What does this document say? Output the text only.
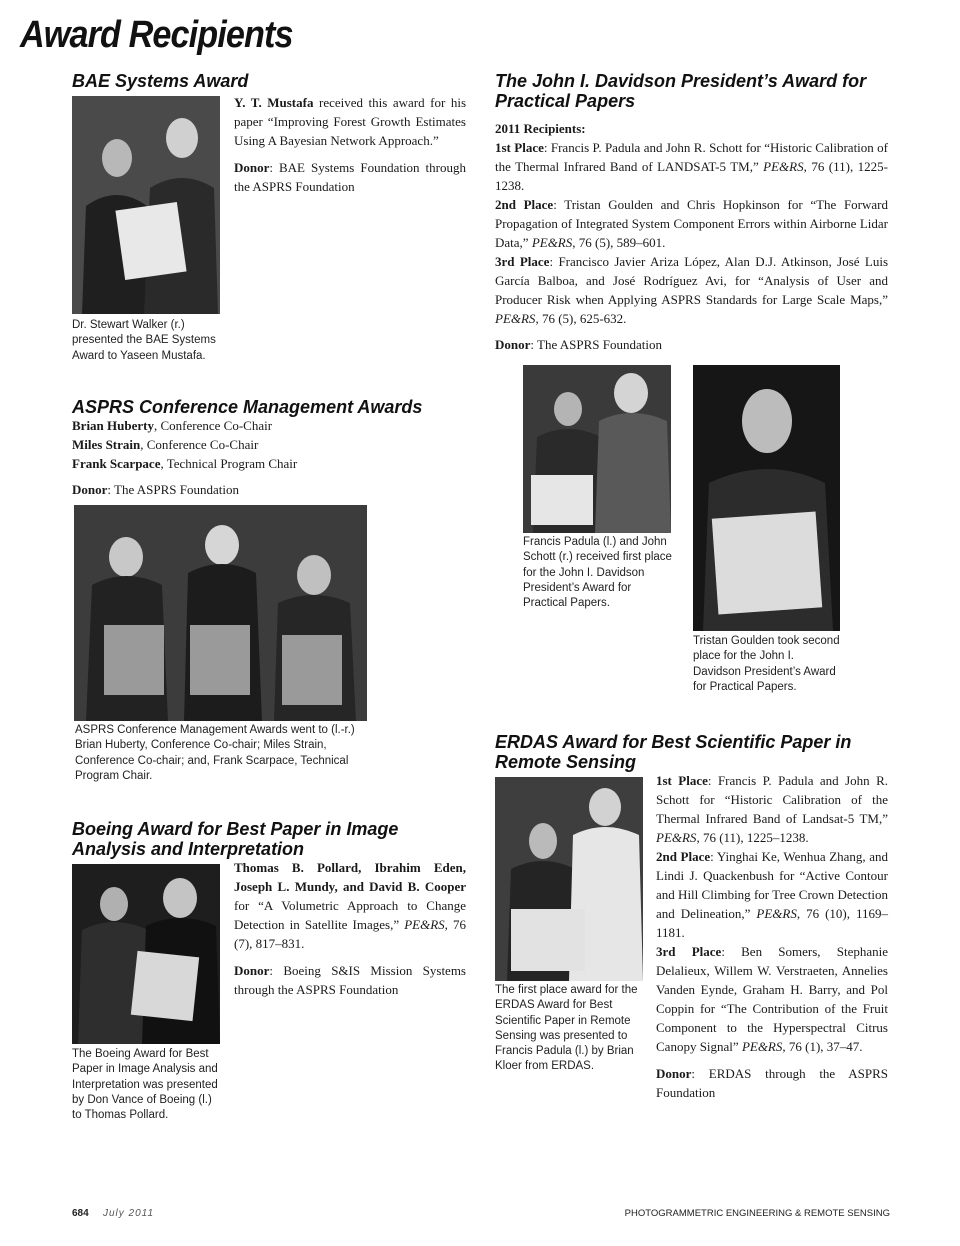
Award Recipients
BAE Systems Award
Dr. Stewart Walker (r.) presented the BAE Systems Award to Yaseen Mustafa.

Y. T. Mustafa received this award for his paper “Improving Forest Growth Estimates Using A Bayesian Network Approach.”

Donor: BAE Systems Foundation through the ASPRS Foundation

ASPRS Conference Management Awards

Brian Huberty, Conference Co-Chair

Miles Strain, Conference Co-Chair

Frank Scarpace, Technical Program Chair

Donor: The ASPRS Foundation

ASPRS Conference Management Awards went to (l.-r.) Brian Huberty, Conference Co-chair; Miles Strain, Conference Co-chair; and, Frank Scarpace, Technical Program Chair.
Boeing Award for Best Paper in Image Analysis and Interpretation
The Boeing Award for Best Paper in Image Analysis and Interpretation was presented by Don Vance of Boeing (l.) to Thomas Pollard.

Thomas B. Pollard, Ibrahim Eden, Joseph L. Mundy, and David B. Cooper for “A Volumetric Approach to Change Detection in Satellite Images,” PE&RS, 76 (7), 817–831.

Donor: Boeing S&IS Mission Systems through the ASPRS Foundation

The John I. Davidson President’s Award for Practical Papers

2011 Recipients:

1st Place: Francis P. Padula and John R. Schott for “Historic Calibration of the Thermal Infrared Band of LANDSAT-5 TM,” PE&RS, 76 (11), 1225-1238.

2nd Place: Tristan Goulden and Chris Hopkinson for “The Forward Propagation of Integrated System Component Errors within Airborne Lidar Data,” PE&RS, 76 (5), 589–601.

3rd Place: Francisco Javier Ariza López, Alan D.J. Atkinson, José Luis García Balboa, and José Rodríguez Avi, for “Analysis of User and Producer Risk when Applying ASPRS Standards for Large Scale Maps,” PE&RS, 76 (5), 625-632.

Donor: The ASPRS Foundation

Francis Padula (l.) and John Schott (r.) received first place for the John I. Davidson President’s Award for Practical Papers.
Tristan Goulden took second place for the John I. Davidson President’s Award for Practical Papers.
ERDAS Award for Best Scientific Paper in Remote Sensing
The first place award for the ERDAS Award for Best Scientific Paper in Remote Sensing was presented to Francis Padula (l.) by Brian Kloer from ERDAS.

1st Place: Francis P. Padula and John R. Schott for “Historic Calibration of the Thermal Infrared Band of Landsat-5 TM,” PE&RS, 76 (11), 1225–1238.

2nd Place: Yinghai Ke, Wenhua Zhang, and Lindi J. Quackenbush for “Active Contour and Hill Climbing for Tree Crown Detection and Delineation,” PE&RS, 76 (10), 1169–1181.

3rd Place: Ben Somers, Stephanie Delalieux, Willem W. Verstraeten, Annelies Vanden Eynde, Graham H. Barry, and Pol Coppin for “The Contribution of the Fruit Component to the Hyperspectral Citrus Canopy Signal” PE&RS, 76 (1), 37–47.

Donor: ERDAS through the ASPRS Foundation

684 July 2011	PHOTOGRAMMETRIC ENGINEERING & REMOTE SENSING
